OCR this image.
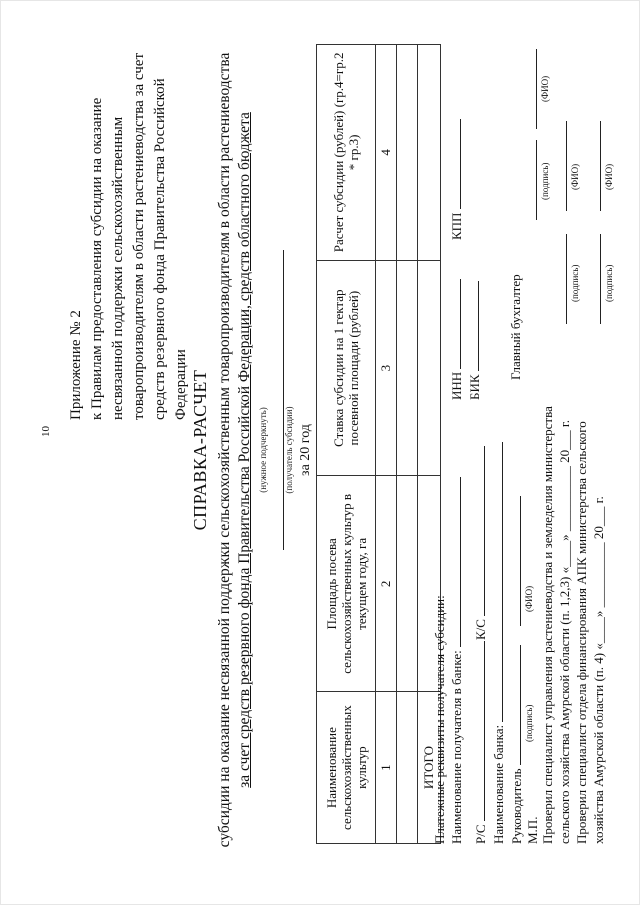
10
Приложение № 2 к Правилам предоставления субсидии на оказание несвязанной поддержки сельскохозяйственным товаропроизводителям в области растениеводства за счет средств резервного фонда Правительства Российской Федерации СПРАВКА-РАСЧЕТ субсидии на оказание несвязанной поддержки сельскохозяйственным товаропроизводителям в области растениеводства за счет средств резервного фонда Правительства Российской Федерации, средств областного бюджета (нужное подчеркнуть) (получатель субсидии) за 20 год
Наименование сельскохозяйственных культур	Площадь посева сельскохозяйственных культур в текущем году, га	Ставка субсидии на 1 гектар посевной площади (рублей)	Расчет субсидии (рублей) (гр.4=гр.2 * гр.3)
1	2	3	4

ИТОГО			
Платежные реквизиты получателя субсидии: Наименование получателя в банке:
ИНН
КПП
БИК
Р/С
К/С
Наименование банка: Руководитель
Главный бухгалтер
М.П.
(подпись)
(ФИО) Проверил специалист управления растениеводства и земледелия министерства сельского хозяйства Амурской области (п. 1,2,3) «____» __________ 20___ г. Проверил специалист отдела финансирования АПК министерства сельского хозяйства Амурской области (п. 4) «____» __________ 20___ г.

(подпись)
(ФИО)

(подпись)
(ФИО)

(подпись)
(ФИО)
